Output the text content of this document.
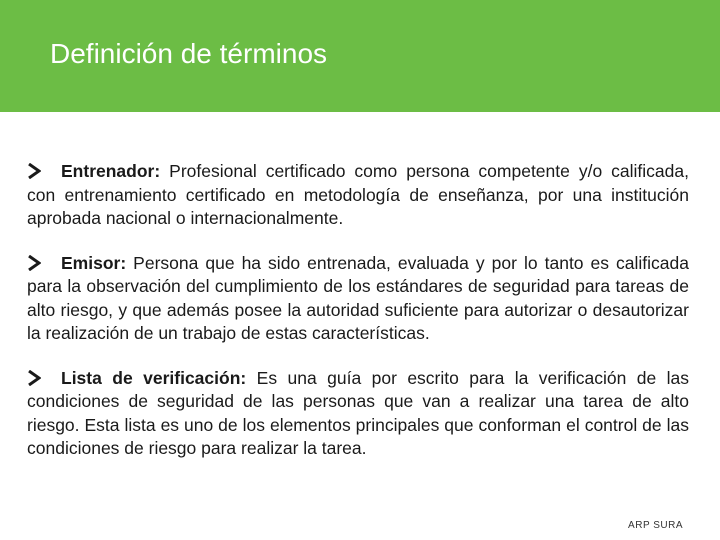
Definición de términos

Entrenador: Profesional certificado como persona competente y/o calificada, con entrenamiento certificado en metodología de enseñanza, por una institución aprobada nacional o internacionalmente.

Emisor: Persona que ha sido entrenada, evaluada y por lo tanto es calificada para la observación del cumplimiento de los estándares de seguridad para tareas de alto riesgo, y que además posee la autoridad suficiente para autorizar o desautorizar la realización de un trabajo de estas características.

Lista de verificación: Es una guía por escrito para la verificación de las condiciones de seguridad de las personas que van a realizar una tarea de alto riesgo. Esta lista es uno de los elementos principales que conforman el control de las condiciones de riesgo para realizar la tarea.

ARP SURA
